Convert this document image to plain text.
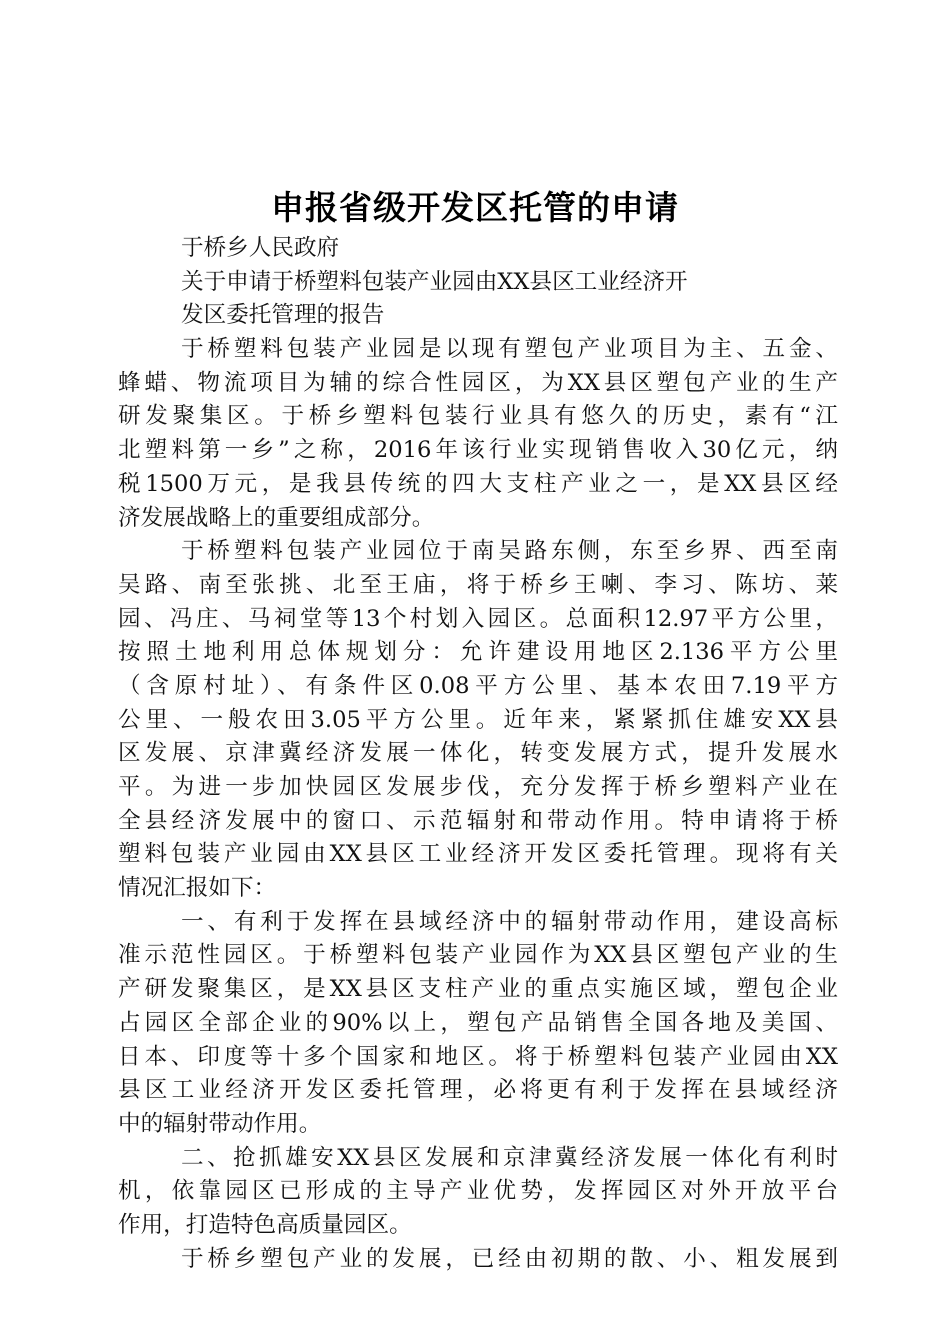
申报省级开发区托管的申请
于桥乡人民政府
关于申请于桥塑料包装产业园由XX县区工业经济开
发区委托管理的报告
于桥塑料包装产业园是以现有塑包产业项目为主、五金、
蜂蜡、物流项目为辅的综合性园区，为XX县区塑包产业的生产
研发聚集区。于桥乡塑料包装行业具有悠久的历史，素有“江
北塑料第一乡”之称，2016年该行业实现销售收入30亿元，纳
税1500万元，是我县传统的四大支柱产业之一，是XX县区经
济发展战略上的重要组成部分。
于桥塑料包装产业园位于南吴路东侧，东至乡界、西至南
吴路、南至张挑、北至王庙，将于桥乡王喇、李习、陈坊、莱
园、冯庄、马祠堂等13个村划入园区。总面积12.97平方公里，
按照土地利用总体规划分：允许建设用地区2.136平方公里
（含原村址）、有条件区0.08平方公里、基本农田7.19平方
公里、一般农田3.05平方公里。近年来，紧紧抓住雄安XX县
区发展、京津冀经济发展一体化，转变发展方式，提升发展水
平。为进一步加快园区发展步伐，充分发挥于桥乡塑料产业在
全县经济发展中的窗口、示范辐射和带动作用。特申请将于桥
塑料包装产业园由XX县区工业经济开发区委托管理。现将有关
情况汇报如下：
一、有利于发挥在县域经济中的辐射带动作用，建设高标
准示范性园区。于桥塑料包装产业园作为XX县区塑包产业的生
产研发聚集区，是XX县区支柱产业的重点实施区域，塑包企业
占园区全部企业的90%以上，塑包产品销售全国各地及美国、
日本、印度等十多个国家和地区。将于桥塑料包装产业园由XX
县区工业经济开发区委托管理，必将更有利于发挥在县域经济
中的辐射带动作用。
二、抢抓雄安XX县区发展和京津冀经济发展一体化有利时
机，依靠园区已形成的主导产业优势，发挥园区对外开放平台
作用，打造特色高质量园区。
于桥乡塑包产业的发展，已经由初期的散、小、粗发展到
